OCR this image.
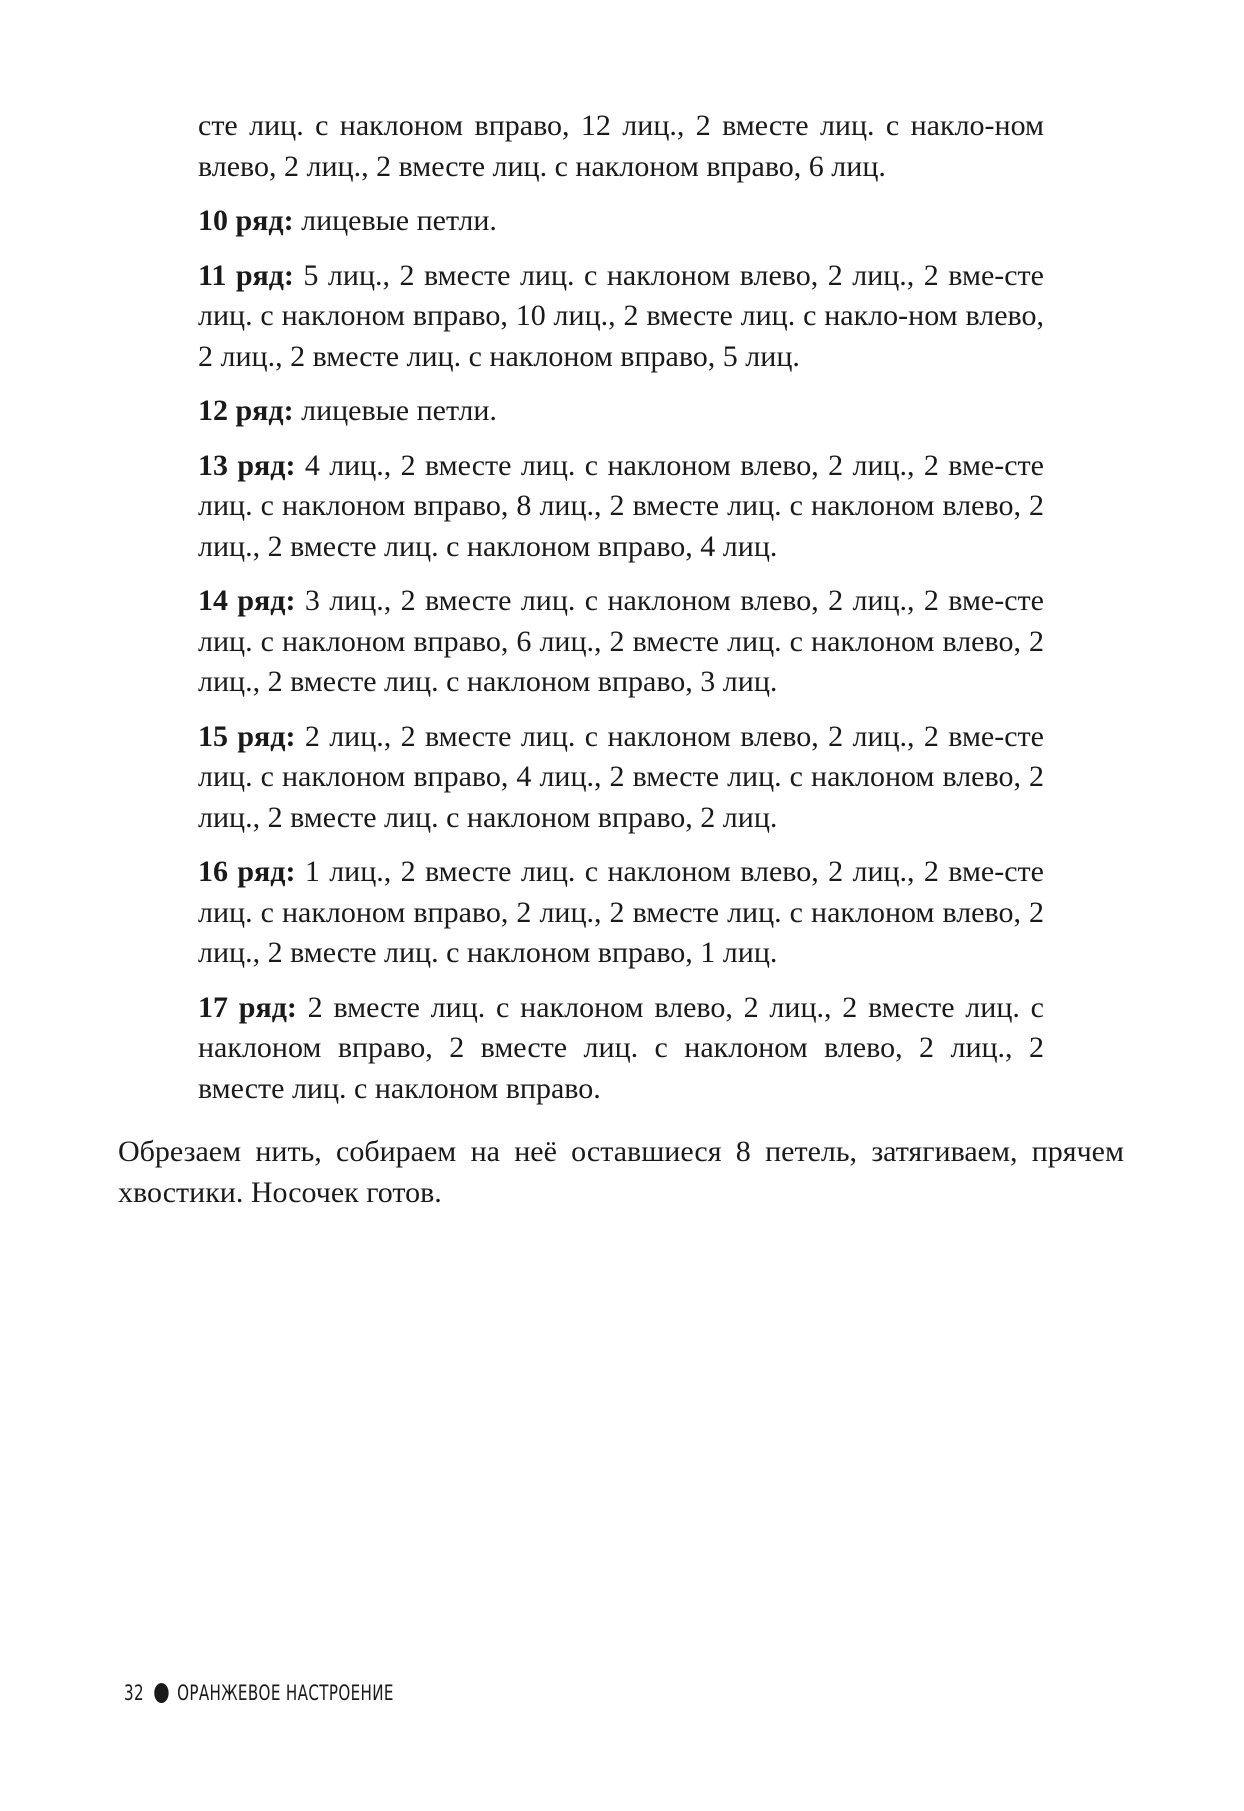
сте лиц. с наклоном вправо, 12 лиц., 2 вместе лиц. с накло-ном влево, 2 лиц., 2 вместе лиц. с наклоном вправо, 6 лиц.

10 ряд: лицевые петли.

11 ряд: 5 лиц., 2 вместе лиц. с наклоном влево, 2 лиц., 2 вме-сте лиц. с наклоном вправо, 10 лиц., 2 вместе лиц. с накло-ном влево, 2 лиц., 2 вместе лиц. с наклоном вправо, 5 лиц.

12 ряд: лицевые петли.

13 ряд: 4 лиц., 2 вместе лиц. с наклоном влево, 2 лиц., 2 вме-сте лиц. с наклоном вправо, 8 лиц., 2 вместе лиц. с наклоном влево, 2 лиц., 2 вместе лиц. с наклоном вправо, 4 лиц.

14 ряд: 3 лиц., 2 вместе лиц. с наклоном влево, 2 лиц., 2 вме-сте лиц. с наклоном вправо, 6 лиц., 2 вместе лиц. с наклоном влево, 2 лиц., 2 вместе лиц. с наклоном вправо, 3 лиц.

15 ряд: 2 лиц., 2 вместе лиц. с наклоном влево, 2 лиц., 2 вме-сте лиц. с наклоном вправо, 4 лиц., 2 вместе лиц. с наклоном влево, 2 лиц., 2 вместе лиц. с наклоном вправо, 2 лиц.

16 ряд: 1 лиц., 2 вместе лиц. с наклоном влево, 2 лиц., 2 вме-сте лиц. с наклоном вправо, 2 лиц., 2 вместе лиц. с наклоном влево, 2 лиц., 2 вместе лиц. с наклоном вправо, 1 лиц.

17 ряд: 2 вместе лиц. с наклоном влево, 2 лиц., 2 вместе лиц. с наклоном вправо, 2 вместе лиц. с наклоном влево, 2 лиц., 2 вместе лиц. с наклоном вправо.

Обрезаем нить, собираем на неё оставшиеся 8 петель, затягиваем, прячем хвостики. Носочек готов.

32 ОРАНЖЕВОЕ НАСТРОЕНИЕ
